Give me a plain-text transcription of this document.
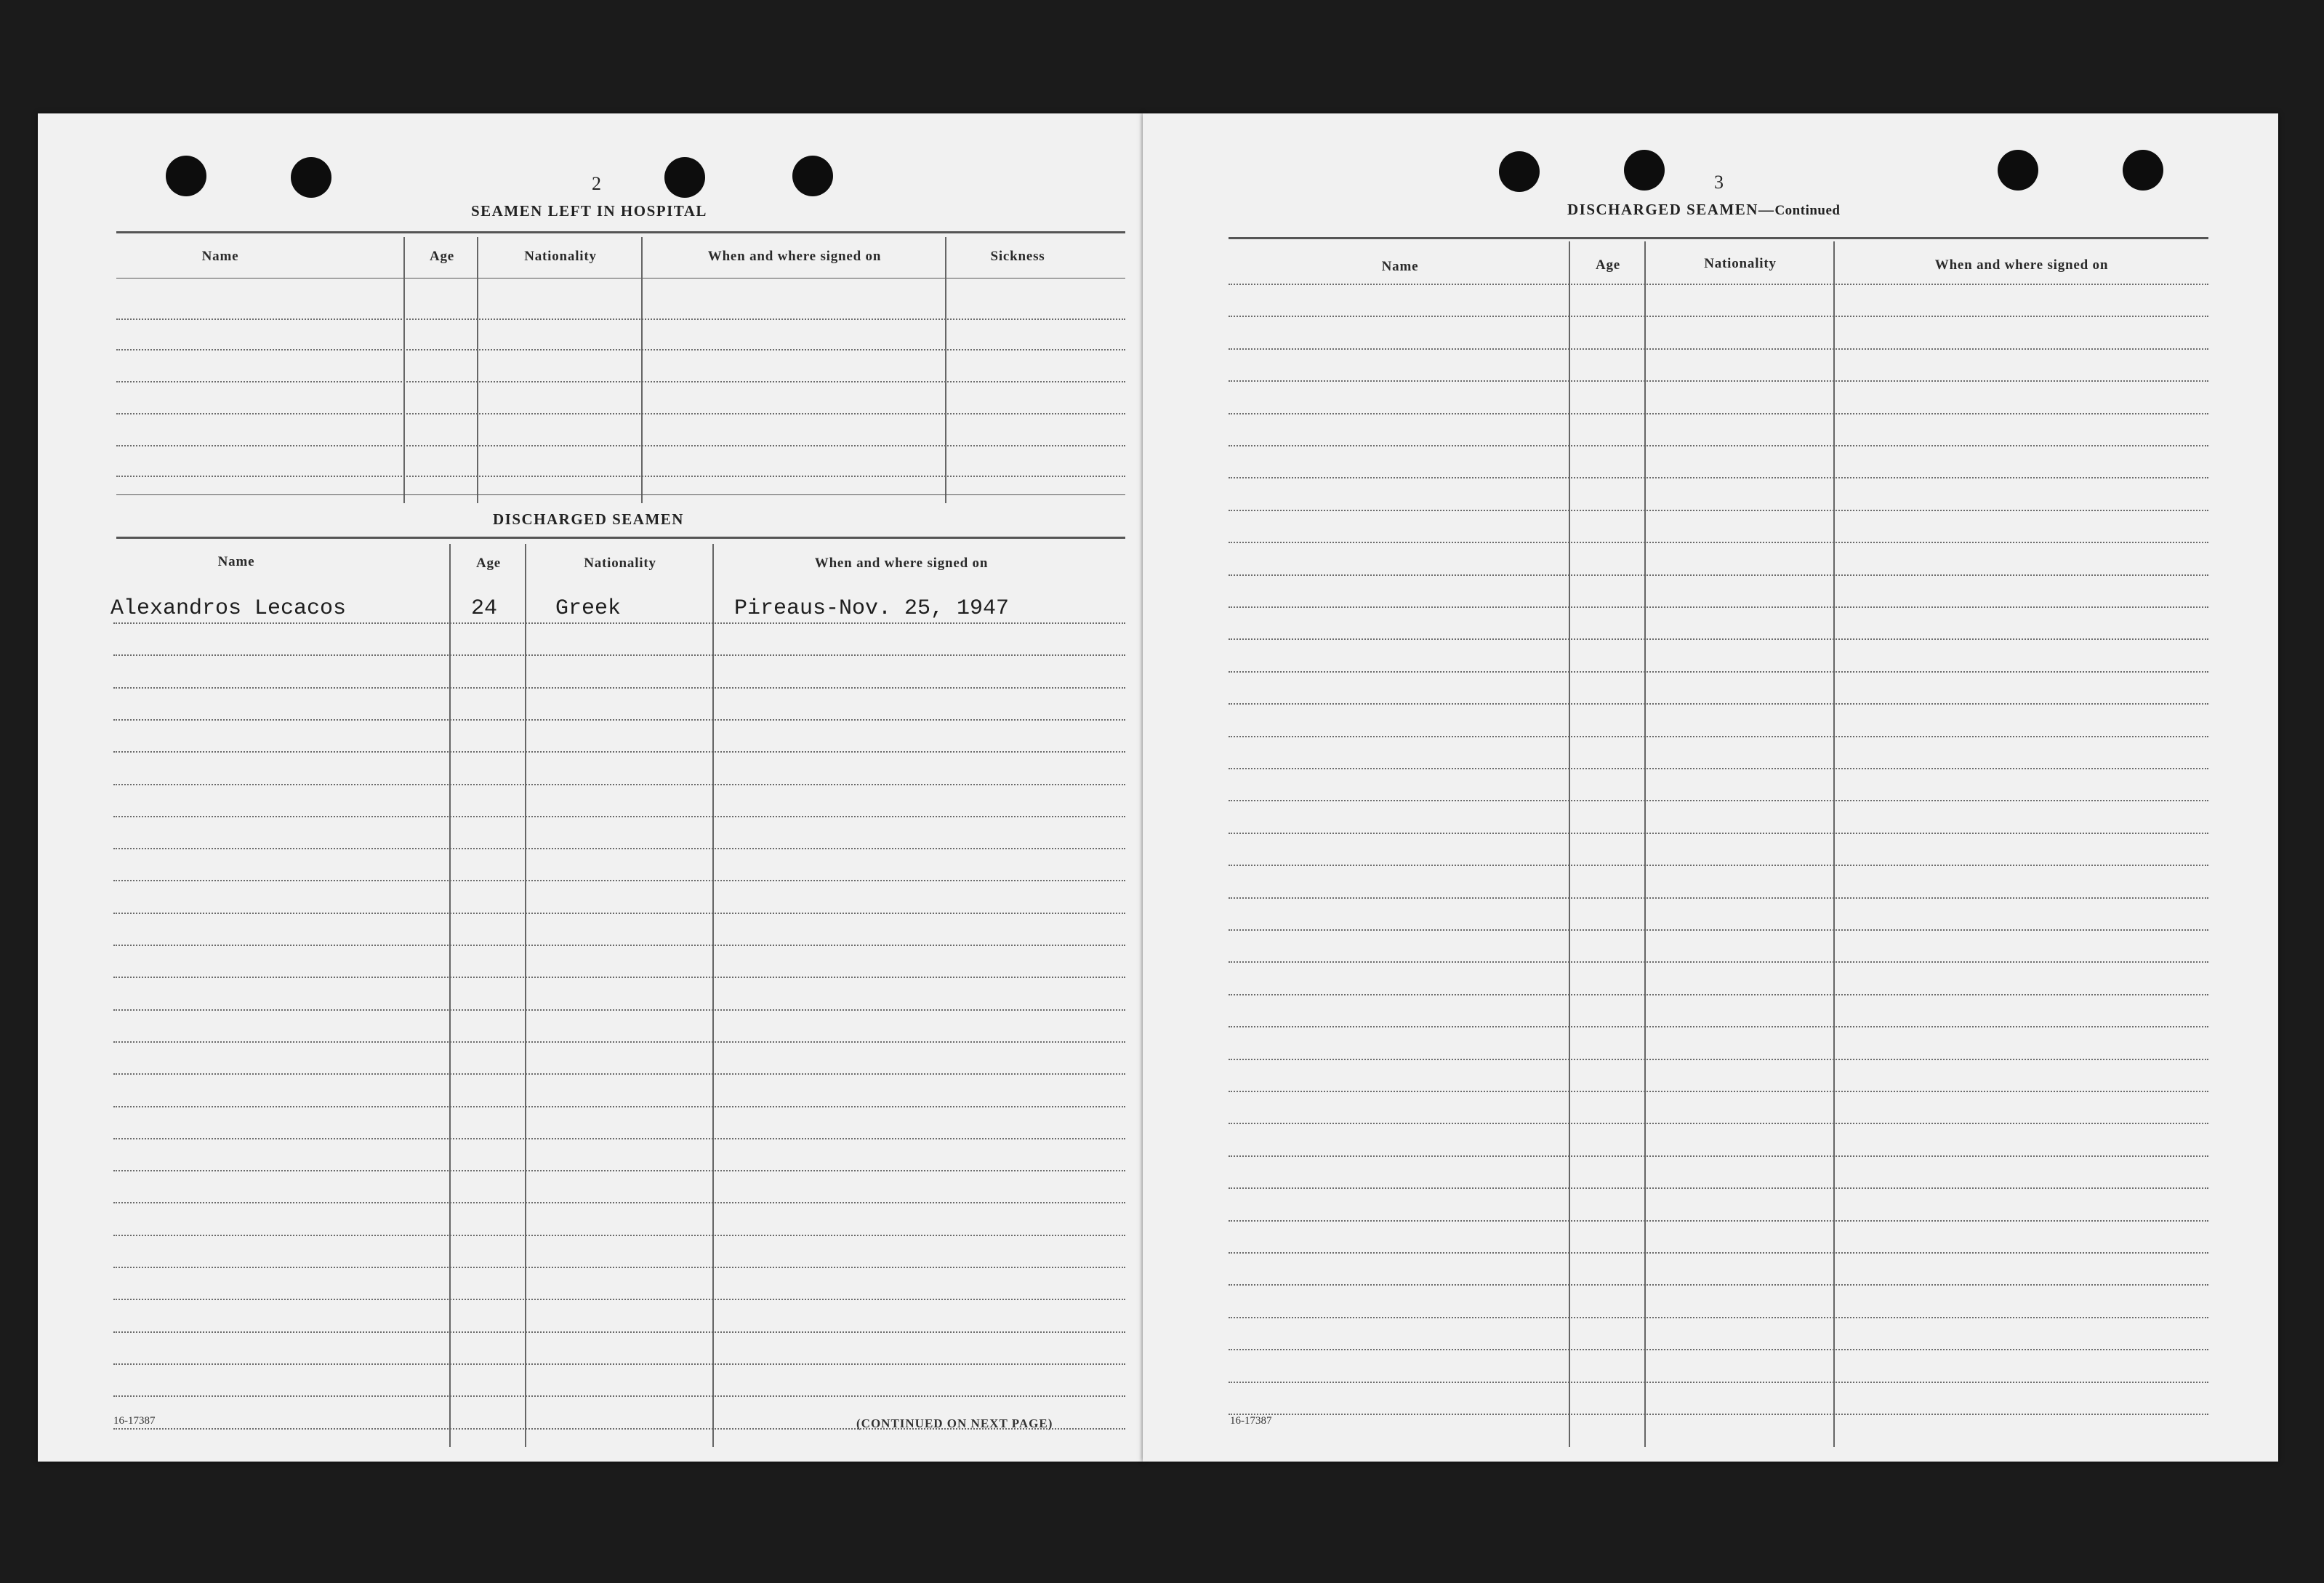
2
SEAMEN LEFT IN HOSPITAL
Name	Age	Nationality	When and where signed on	Sickness
DISCHARGED SEAMEN
Name	Age	Nationality	When and where signed on
Alexandros Lecacos	24	Greek	Pireaus-Nov. 25, 1947
16-17387	(CONTINUED ON NEXT PAGE)
3
DISCHARGED SEAMEN—Continued
Name	Age	Nationality	When and where signed on
16-17387
